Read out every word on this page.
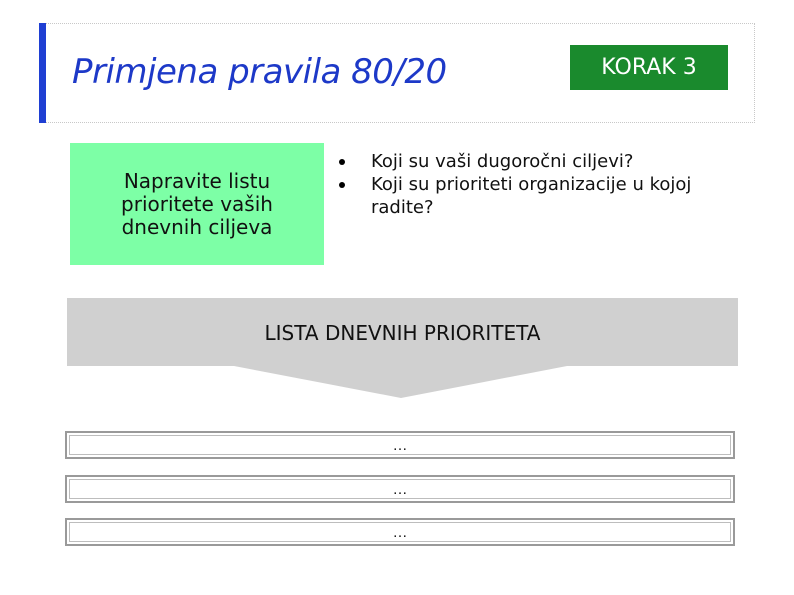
Primjena pravila 80/20	KORAK 3
Napravite listu prioritete vaših dnevnih ciljeva
Koji su vaši dugoročni ciljevi?
Koji su prioriteti organizacije u kojoj radite?
LISTA DNEVNIH PRIORITETA
…
…
…
